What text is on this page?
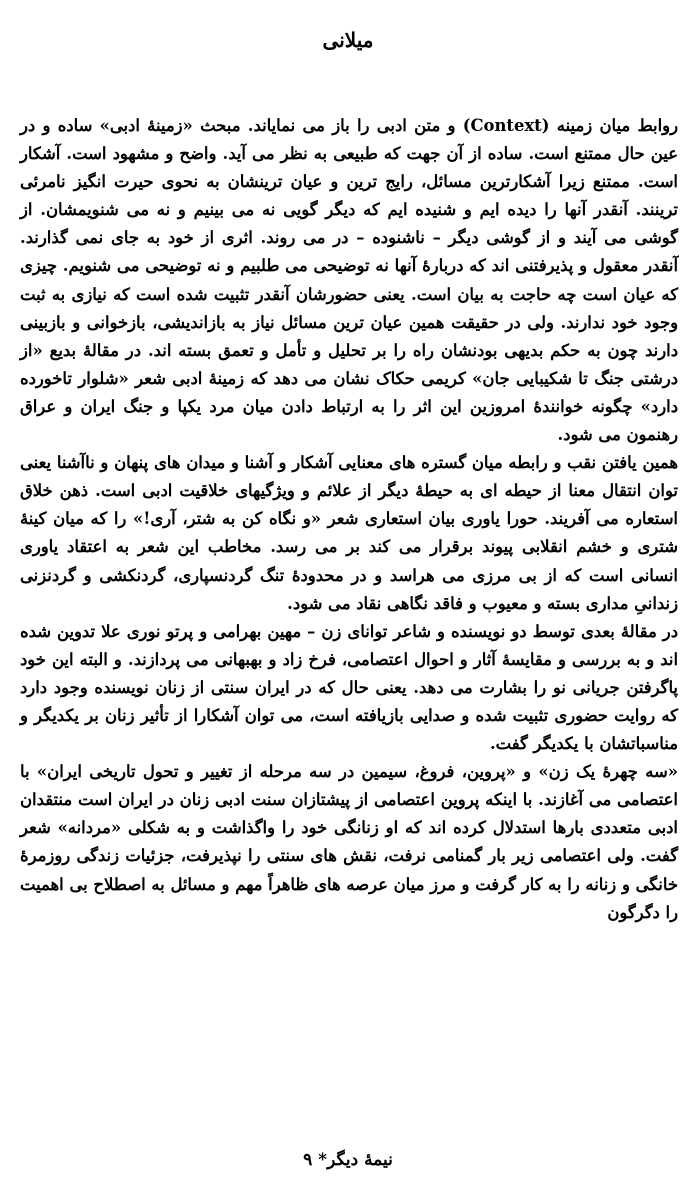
میلانی

روابط میان زمینه (Context) و متن ادبی را باز می نمایاند. مبحث «زمینهٔ ادبی» ساده و در عین حال ممتنع است. ساده از آن جهت که طبیعی به نظر می آید. واضح و مشهود است. آشکار است. ممتنع زیرا آشکارترین مسائل، رایج ترین و عیان ترینشان به نحوی حیرت انگیز نامرئی ترینند. آنقدر آنها را دیده ایم و شنیده ایم که دیگر گویی نه می بینیم و نه می شنویمشان. از گوشی می آیند و از گوشی دیگر – ناشنوده – در می روند. اثری از خود به جای نمی گذارند. آنقدر معقول و پذیرفتنی اند که دربارهٔ آنها نه توضیحی می طلبیم و نه توضیحی می شنویم. چیزی که عیان است چه حاجت به بیان است. یعنی حضورشان آنقدر تثبیت شده است که نیازی به ثبت وجود خود ندارند. ولی در حقیقت همین عیان ترین مسائل نیاز به بازاندیشی، بازخوانی و بازبینی دارند چون به حکم بدیهی بودنشان راه را بر تحلیل و تأمل و تعمق بسته اند. در مقالهٔ بدیع «از درشتی جنگ تا شکیبایی جان» کریمی حکاک نشان می دهد که زمینهٔ ادبی شعر «شلوار تاخورده دارد» چگونه خوانندهٔ امروزین این اثر را به ارتباط دادن میان مرد یکپا و جنگ ایران و عراق رهنمون می شود.

همین یافتن نقب و رابطه میان گستره های معنایی آشکار و آشنا و میدان های پنهان و ناآشنا یعنی توان انتقال معنا از حیطه ای به حیطهٔ دیگر از علائم و ویژگیهای خلاقیت ادبی است. ذهن خلاق استعاره می آفریند. حورا یاوری بیان استعاری شعر «و نگاه کن به شتر، آری!» را که میان کینهٔ شتری و خشم انقلابی پیوند برقرار می کند بر می رسد. مخاطب این شعر به اعتقاد یاوری انسانی است که از بی مرزی می هراسد و در محدودهٔ تنگ گردنسپاری، گردنکشی و گردنزنی زندانیِ مداری بسته و معیوب و فاقد نگاهی نقاد می شود.

در مقالهٔ بعدی توسط دو نویسنده و شاعر توانای زن – مهین بهرامی و پرتو نوری علا تدوین شده اند و به بررسی و مقایسهٔ آثار و احوال اعتصامی، فرخ زاد و بهبهانی می پردازند. و البته این خود پاگرفتن جریانی نو را بشارت می دهد. یعنی حال که در ایران سنتی از زنان نویسنده وجود دارد که روایت حضوری تثبیت شده و صدایی بازیافته است، می توان آشکارا از تأثیر زنان بر یکدیگر و مناسباتشان با یکدیگر گفت.

«سه چهرهٔ یک زن» و «پروین، فروغ، سیمین در سه مرحله از تغییر و تحول تاریخی ایران» با اعتصامی می آغازند. با اینکه پروین اعتصامی از پیشتازان سنت ادبی زنان در ایران است منتقدان ادبی متعددی بارها استدلال کرده اند که او زنانگی خود را واگذاشت و به شکلی «مردانه» شعر گفت. ولی اعتصامی زیر بار گمنامی نرفت، نقش های سنتی را نپذیرفت، جزئیات زندگی روزمرهٔ خانگی و زنانه را به کار گرفت و مرز میان عرصه های ظاهراً مهم و مسائل به اصطلاح بی اهمیت را دگرگون

نیمهٔ دیگر* ۹
